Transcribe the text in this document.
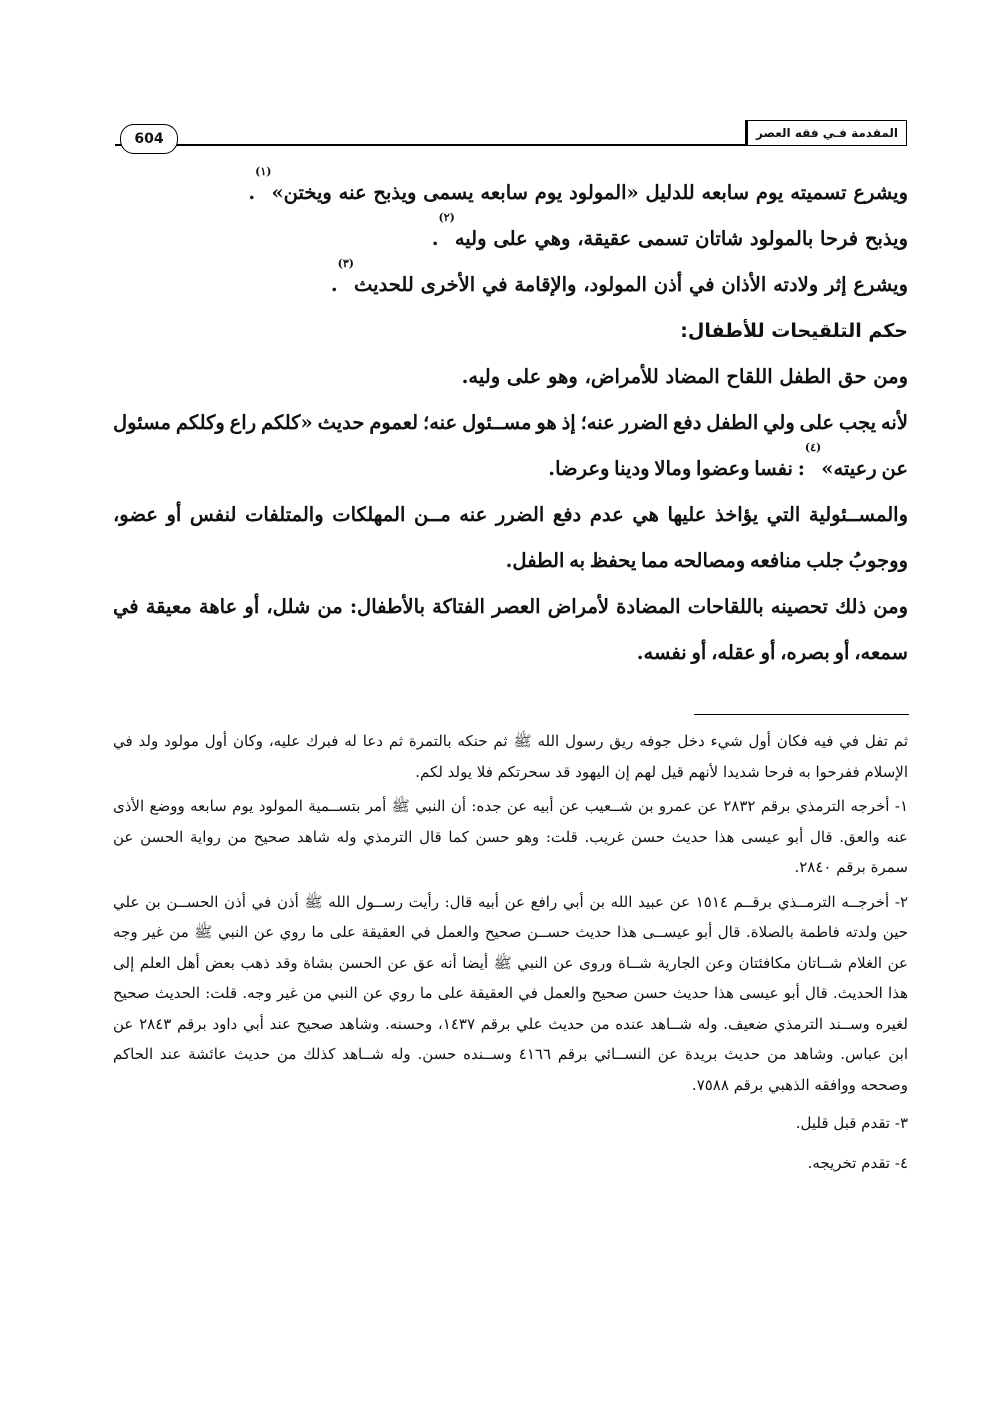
المقدمة فـي فقه العصر
604

ويشرع تسميته يوم سابعه للدليل «المولود يوم سابعه يسمى ويذبح عنه ويختن»$^{(١)}$.

ويذبح فرحا بالمولود شاتان تسمى عقيقة، وهي على وليه$^{(٢)}$.

ويشرع إثر ولادته الأذان في أذن المولود، والإقامة في الأخرى للحديث$^{(٣)}$.

حكم التلقيحات للأطفال:

ومن حق الطفل اللقاح المضاد للأمراض، وهو على وليه.

لأنه يجب على ولي الطفل دفع الضرر عنه؛ إذ هو مســئول عنه؛ لعموم حديث «كلكم راع وكلكم مسئول عن رعيته»$^{(٤)}$: نفسا وعضوا ومالا ودينا وعرضا.

والمســئولية التي يؤاخذ عليها هي عدم دفع الضرر عنه مــن المهلكات والمتلفات لنفس أو عضو، ووجوبُ جلب منافعه ومصالحه مما يحفظ به الطفل.

ومن ذلك تحصينه باللقاحات المضادة لأمراض العصر الفتاكة بالأطفال: من شلل، أو عاهة معيقة في سمعه، أو بصره، أو عقله، أو نفسه.

ثم تفل في فيه فكان أول شيء دخل جوفه ريق رسول الله ﷺ ثم حنكه بالتمرة ثم دعا له فبرك عليه، وكان أول مولود ولد في الإسلام ففرحوا به فرحا شديدا لأنهم قيل لهم إن اليهود قد سحرتكم فلا يولد لكم.

١- أخرجه الترمذي برقم ٢٨٣٢ عن عمرو بن شــعيب عن أبيه عن جده: أن النبي ﷺ أمر بتســمية المولود يوم سابعه ووضع الأذى عنه والعق. قال أبو عيسى هذا حديث حسن غريب. قلت: وهو حسن كما قال الترمذي وله شاهد صحيح من رواية الحسن عن سمرة برقم ٢٨٤٠.

٢- أخرجــه الترمــذي برقــم ١٥١٤ عن عبيد الله بن أبي رافع عن أبيه قال: رأيت رســول الله ﷺ أذن في أذن الحســن بن علي حين ولدته فاطمة بالصلاة. قال أبو عيســى هذا حديث حســن صحيح والعمل في العقيقة على ما روي عن النبي ﷺ من غير وجه عن الغلام شــاتان مكافئتان وعن الجارية شــاة وروى عن النبي ﷺ أيضا أنه عق عن الحسن بشاة وقد ذهب بعض أهل العلم إلى هذا الحديث. قال أبو عيسى هذا حديث حسن صحيح والعمل في العقيقة على ما روي عن النبي من غير وجه. قلت: الحديث صحيح لغيره وســند الترمذي ضعيف. وله شــاهد عنده من حديث علي برقم ١٤٣٧، وحسنه. وشاهد صحيح عند أبي داود برقم ٢٨٤٣ عن ابن عباس. وشاهد من حديث بريدة عن النســائي برقم ٤١٦٦ وســنده حسن. وله شــاهد كذلك من حديث عائشة عند الحاكم وصححه ووافقه الذهبي برقم ٧٥٨٨.

٣- تقدم قبل قليل.

٤- تقدم تخريجه.
